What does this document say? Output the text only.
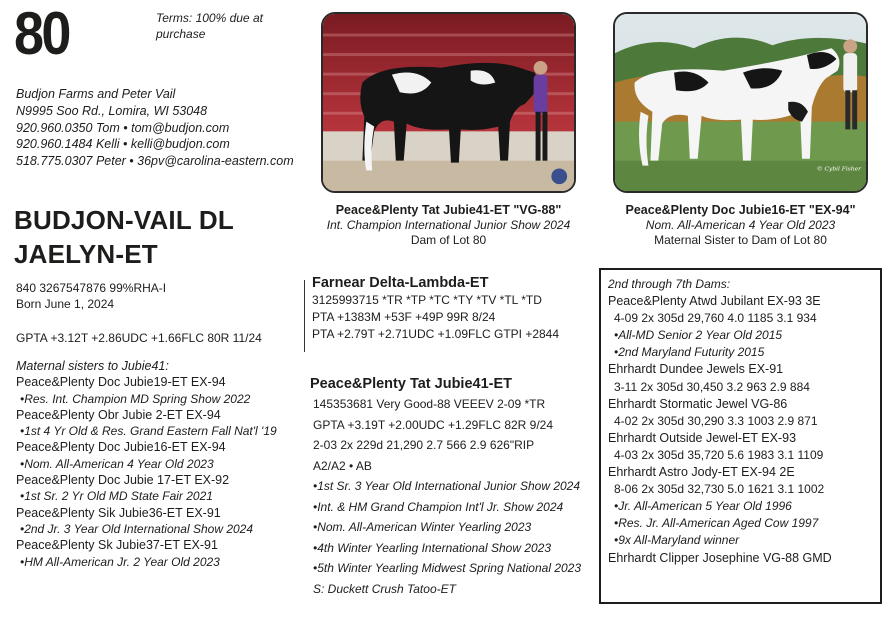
80	Terms: 100% due at purchase
Budjon Farms and Peter Vail
N9995 Soo Rd., Lomira, WI 53048
920.960.0350 Tom • tom@budjon.com
920.960.1484 Kelli • kelli@budjon.com
518.775.0307 Peter • 36pv@carolina-eastern.com
BUDJON-VAIL DL
JAELYN-ET
840 3267547876 99%RHA-I
Born June 1, 2024
GPTA +3.12T +2.86UDC +1.66FLC 80R 11/24
Maternal sisters to Jubie41:
Peace&Plenty Doc Jubie19-ET EX-94
•Res. Int. Champion MD Spring Show 2022
Peace&Plenty Obr Jubie 2-ET EX-94
•1st 4 Yr Old & Res. Grand Eastern Fall Nat'l '19
Peace&Plenty Doc Jubie16-ET EX-94
•Nom. All-American 4 Year Old 2023
Peace&Plenty Doc Jubie 17-ET EX-92
•1st Sr. 2 Yr Old MD State Fair 2021
Peace&Plenty Sik Jubie36-ET EX-91
•2nd Jr. 3 Year Old International Show 2024
Peace&Plenty Sk Jubie37-ET EX-91
•HM All-American Jr. 2 Year Old 2023
© Cybil Fisher
Peace&Plenty Tat Jubie41-ET "VG-88"
Int. Champion International Junior Show 2024
Dam of Lot 80
Peace&Plenty Doc Jubie16-ET "EX-94"
Nom. All-American 4 Year Old 2023
Maternal Sister to Dam of Lot 80
Farnear Delta-Lambda-ET
3125993715 *TR *TP *TC *TY *TV *TL *TD
PTA +1383M +53F +49P 99R 8/24
PTA +2.79T +2.71UDC +1.09FLC GTPI +2844
Peace&Plenty Tat Jubie41-ET
145353681 Very Good-88 VEEEV 2-09 *TR
GPTA +3.19T +2.00UDC +1.29FLC 82R 9/24
2-03 2x 229d 21,290 2.7 566 2.9 626"RIP
A2/A2 • AB
•1st Sr. 3 Year Old International Junior Show 2024
•Int. & HM Grand Champion Int'l Jr. Show 2024
•Nom. All-American Winter Yearling 2023
•4th Winter Yearling International Show 2023
•5th Winter Yearling Midwest Spring National 2023
S: Duckett Crush Tatoo-ET
2nd through 7th Dams:
Peace&Plenty Atwd Jubilant EX-93 3E
4-09 2x 305d 29,760 4.0 1185 3.1 934
•All-MD Senior 2 Year Old 2015
•2nd Maryland Futurity 2015
Ehrhardt Dundee Jewels EX-91
3-11 2x 305d 30,450 3.2 963 2.9 884
Ehrhardt Stormatic Jewel VG-86
4-02 2x 305d 30,290 3.3 1003 2.9 871
Ehrhardt Outside Jewel-ET EX-93
4-03 2x 305d 35,720 5.6 1983 3.1 1109
Ehrhardt Astro Jody-ET EX-94 2E
8-06 2x 305d 32,730 5.0 1621 3.1 1002
•Jr. All-American 5 Year Old 1996
•Res. Jr. All-American Aged Cow 1997
•9x All-Maryland winner
Ehrhardt Clipper Josephine VG-88 GMD
